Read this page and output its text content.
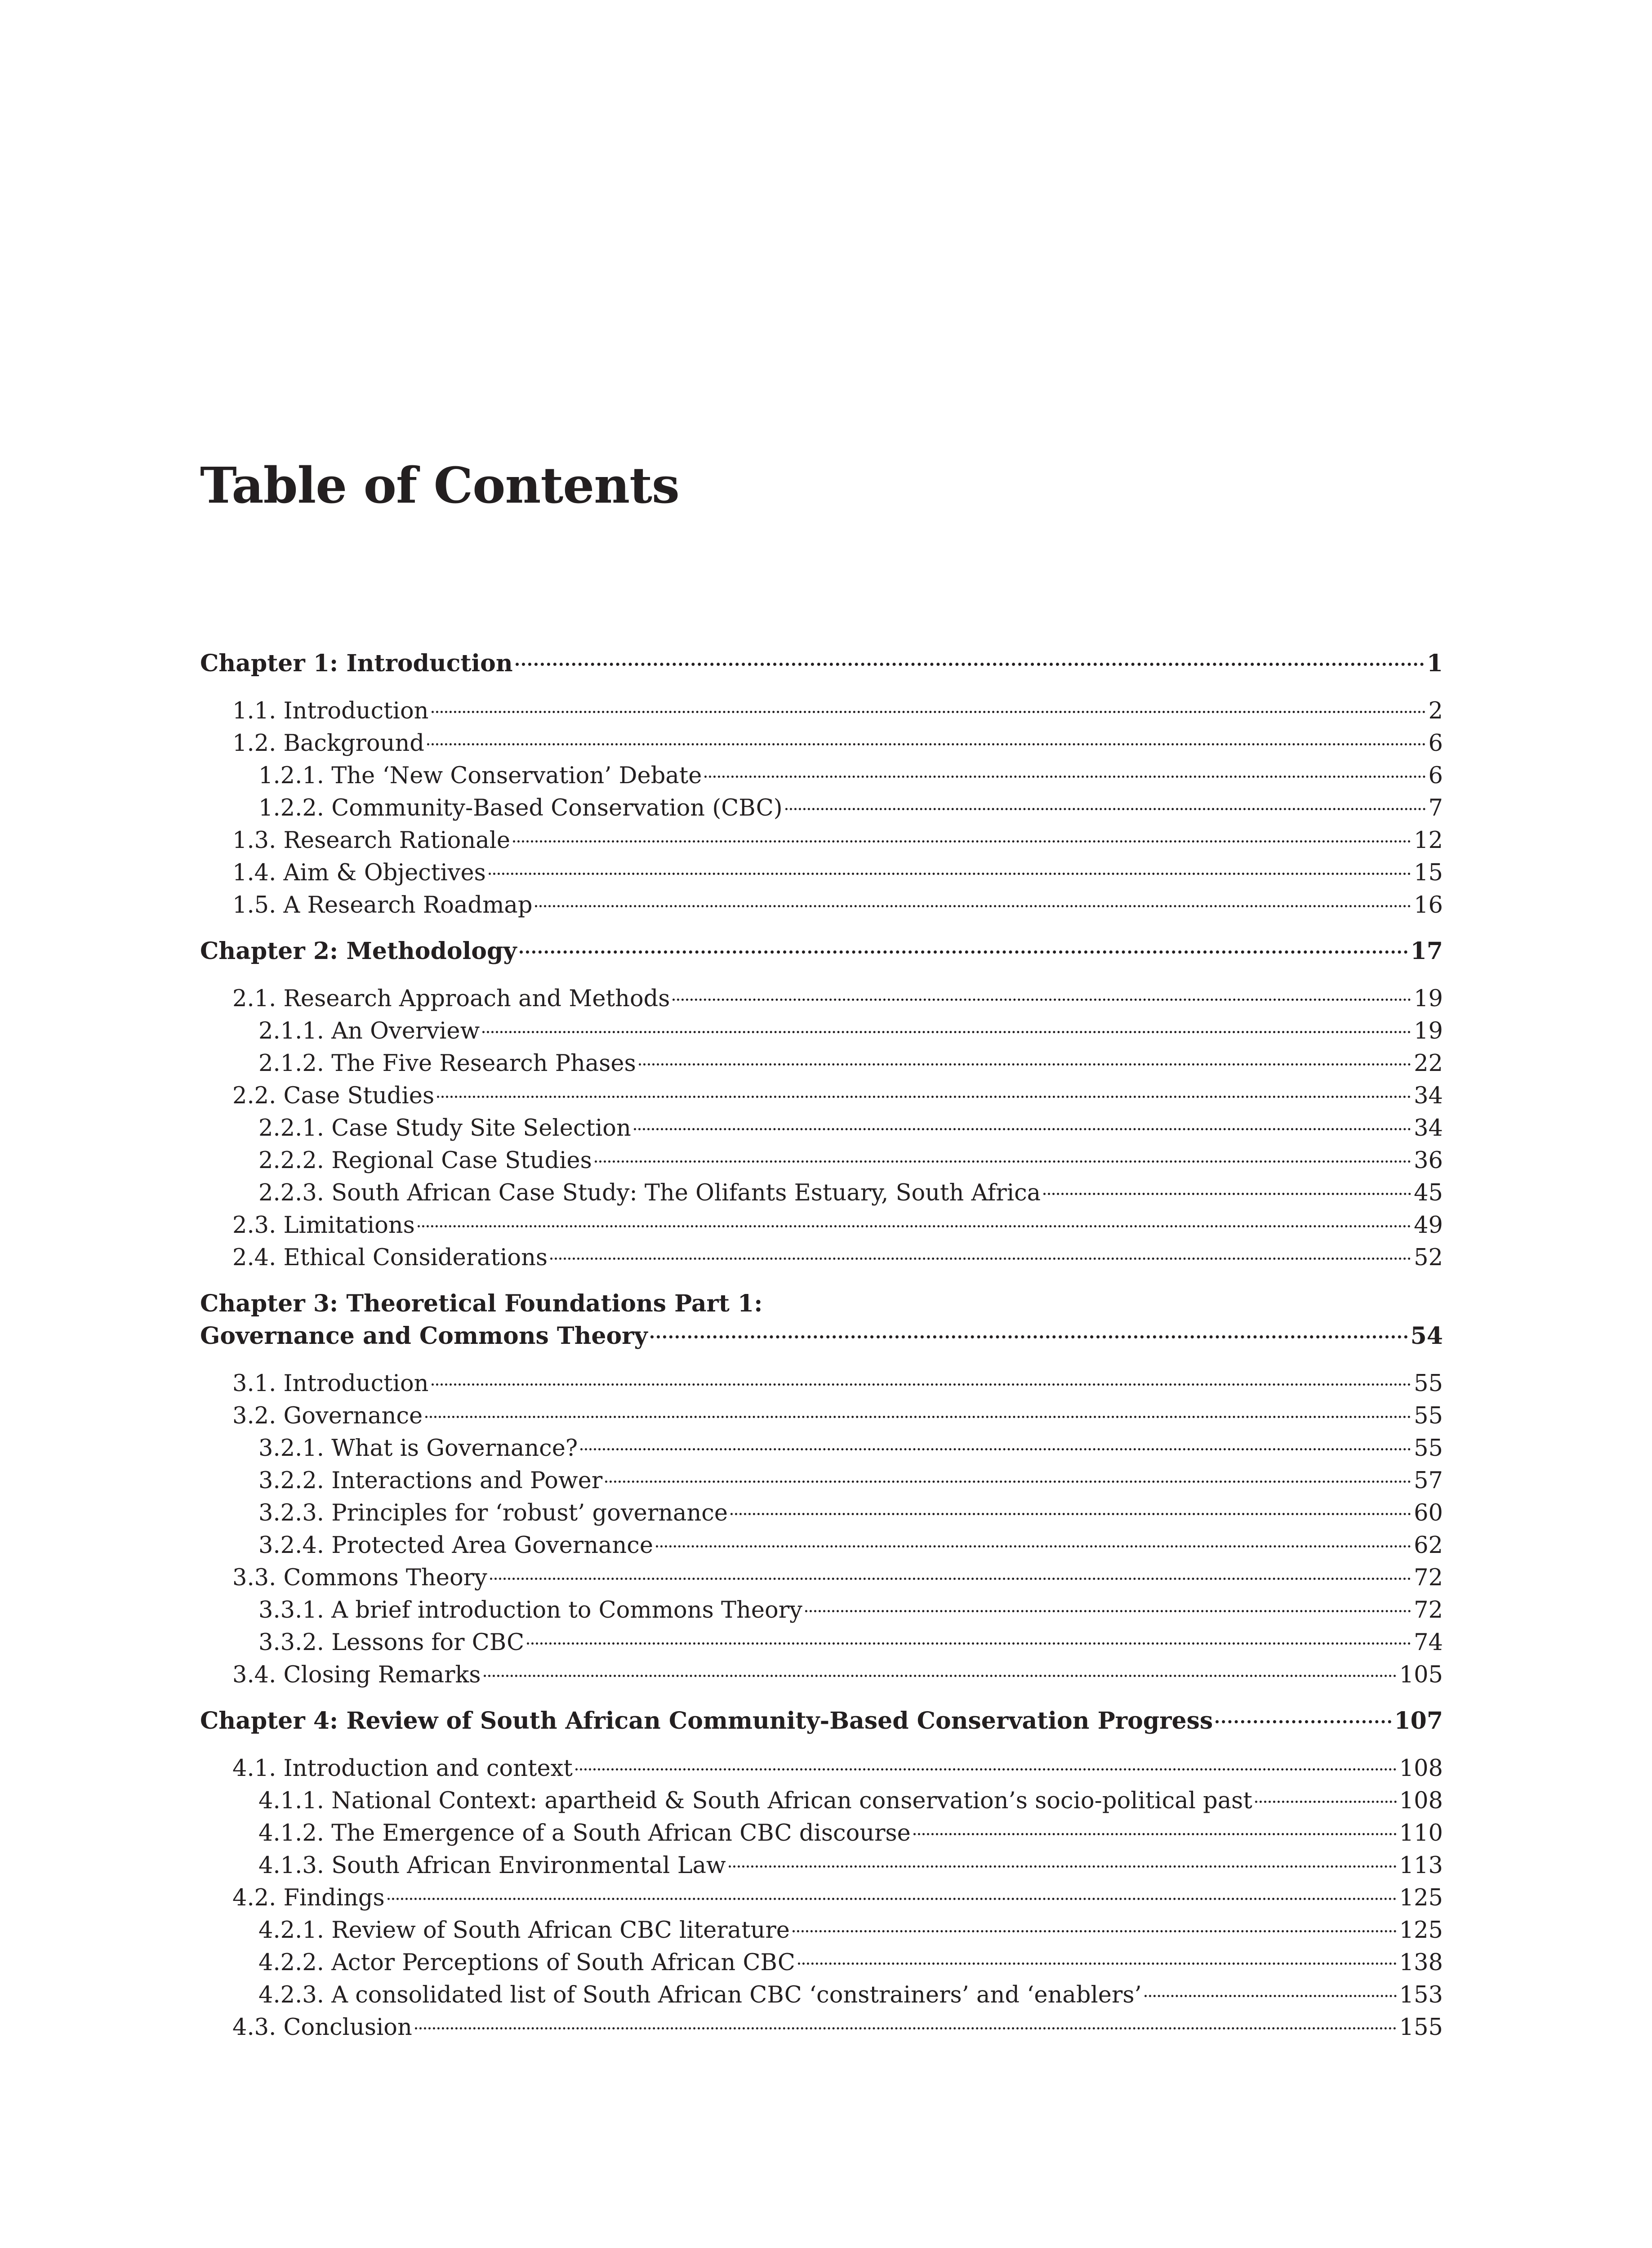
Table of Contents
Chapter 1: Introduction	1
1.1. Introduction	2
1.2. Background	6
1.2.1. The ‘New Conservation’ Debate	6
1.2.2. Community-Based Conservation (CBC)	7
1.3. Research Rationale	12
1.4. Aim & Objectives	15
1.5. A Research Roadmap	16
Chapter 2: Methodology	17
2.1. Research Approach and Methods	19
2.1.1. An Overview	19
2.1.2. The Five Research Phases	22
2.2. Case Studies	34
2.2.1. Case Study Site Selection	34
2.2.2. Regional Case Studies	36
2.2.3. South African Case Study: The Olifants Estuary, South Africa	45
2.3. Limitations	49
2.4. Ethical Considerations	52
Chapter 3: Theoretical Foundations Part 1:
Governance and Commons Theory	54
3.1. Introduction	55
3.2. Governance	55
3.2.1. What is Governance?	55
3.2.2. Interactions and Power	57
3.2.3. Principles for ‘robust’ governance	60
3.2.4. Protected Area Governance	62
3.3. Commons Theory	72
3.3.1. A brief introduction to Commons Theory	72
3.3.2. Lessons for CBC	74
3.4. Closing Remarks	105
Chapter 4: Review of South African Community-Based Conservation Progress	107
4.1. Introduction and context	108
4.1.1. National Context: apartheid & South African conservation’s socio-political past	108
4.1.2. The Emergence of a South African CBC discourse	110
4.1.3. South African Environmental Law	113
4.2. Findings	125
4.2.1. Review of South African CBC literature	125
4.2.2. Actor Perceptions of South African CBC	138
4.2.3. A consolidated list of South African CBC ‘constrainers’ and ‘enablers’	153
4.3. Conclusion	155
